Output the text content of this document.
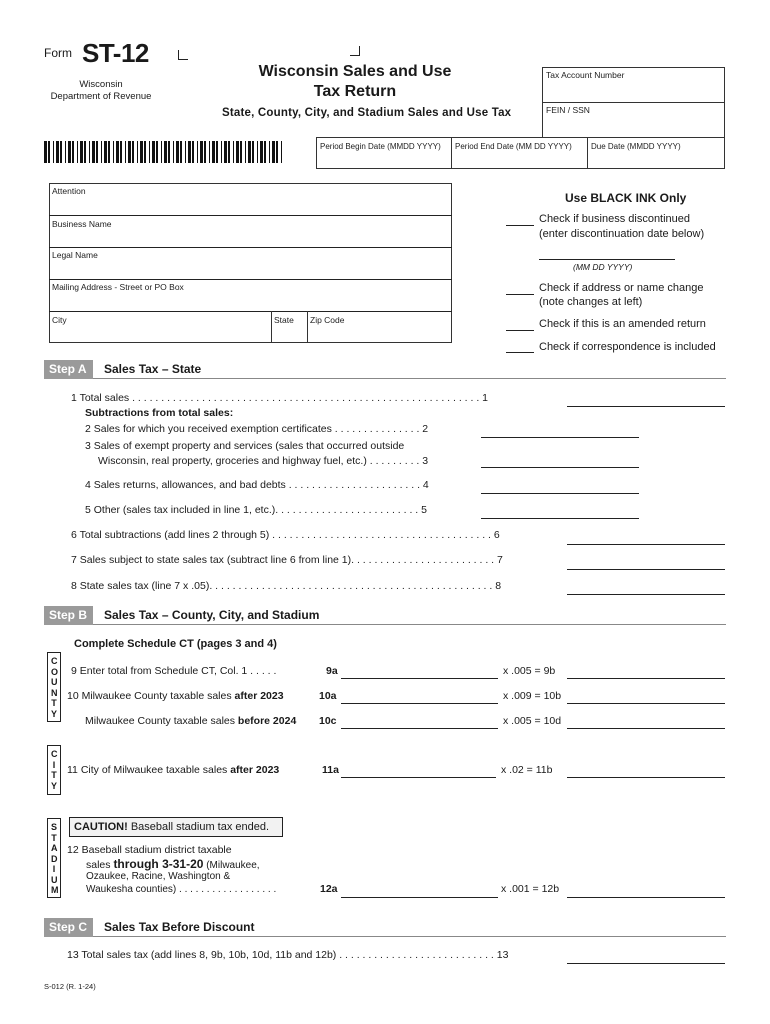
Form ST-12
Wisconsin
Department of Revenue
Wisconsin Sales and Use
Tax Return
State, County, City, and Stadium Sales and Use Tax
Tax Account Number
FEIN / SSN
Period Begin Date (MMDD YYYY) Period End Date (MM DD YYYY) Due Date (MMDD YYYY)
Attention
Business Name
Legal Name
Mailing Address - Street or PO Box
City	State Zip Code
Use BLACK INK Only
Check if business discontinued
(enter discontinuation date below)
(MM DD YYYY)
Check if address or name change
(note changes at left)
Check if this is an amended return
Check if correspondence is included
Step A	Sales Tax – State
1 Total sales . . . . . . . . . . . . . . . . . . . . . . . . . . . . . . . . . . . . . . . . . . . . . . . . . . . . . . . . . . . . 1
Subtractions from total sales:
2 Sales for which you received exemption certificates . . . . . . . . . . . . . . . 2
3 Sales of exempt property and services (sales that occurred outside
Wisconsin, real property, groceries and highway fuel, etc.) . . . . . . . . . 3
4 Sales returns, allowances, and bad debts . . . . . . . . . . . . . . . . . . . . . . . 4
5 Other (sales tax included in line 1, etc.). . . . . . . . . . . . . . . . . . . . . . . . . 5
6 Total subtractions (add lines 2 through 5) . . . . . . . . . . . . . . . . . . . . . . . . . . . . . . . . . . . . . . 6
7 Sales subject to state sales tax (subtract line 6 from line 1). . . . . . . . . . . . . . . . . . . . . . . . . 7
8 State sales tax (line 7 x .05). . . . . . . . . . . . . . . . . . . . . . . . . . . . . . . . . . . . . . . . . . . . . . . . . 8
Step B	Sales Tax – County, City, and Stadium
Complete Schedule CT (pages 3 and 4)
COUNTY
9 Enter total from Schedule CT, Col. 1 . . . . .	9a	x .005 = 9b
10 Milwaukee County taxable sales after 2023	10a	x .009 = 10b
Milwaukee County taxable sales before 2024 10c	x .005 = 10d
CITY
11 City of Milwaukee taxable sales after 2023	11a	x .02 = 11b
STADIUM
CAUTION! Baseball stadium tax ended.
12 Baseball stadium district taxable
sales through 3-31-20 (Milwaukee,
Ozaukee, Racine, Washington &
Waukesha counties) . . . . . . . . . . . . . . . . . .	12a	x .001 = 12b
Step C	Sales Tax Before Discount
13 Total sales tax (add lines 8, 9b, 10b, 10d, 11b and 12b) . . . . . . . . . . . . . . . . . . . . . . . . . . . 13
S-012 (R. 1-24)
